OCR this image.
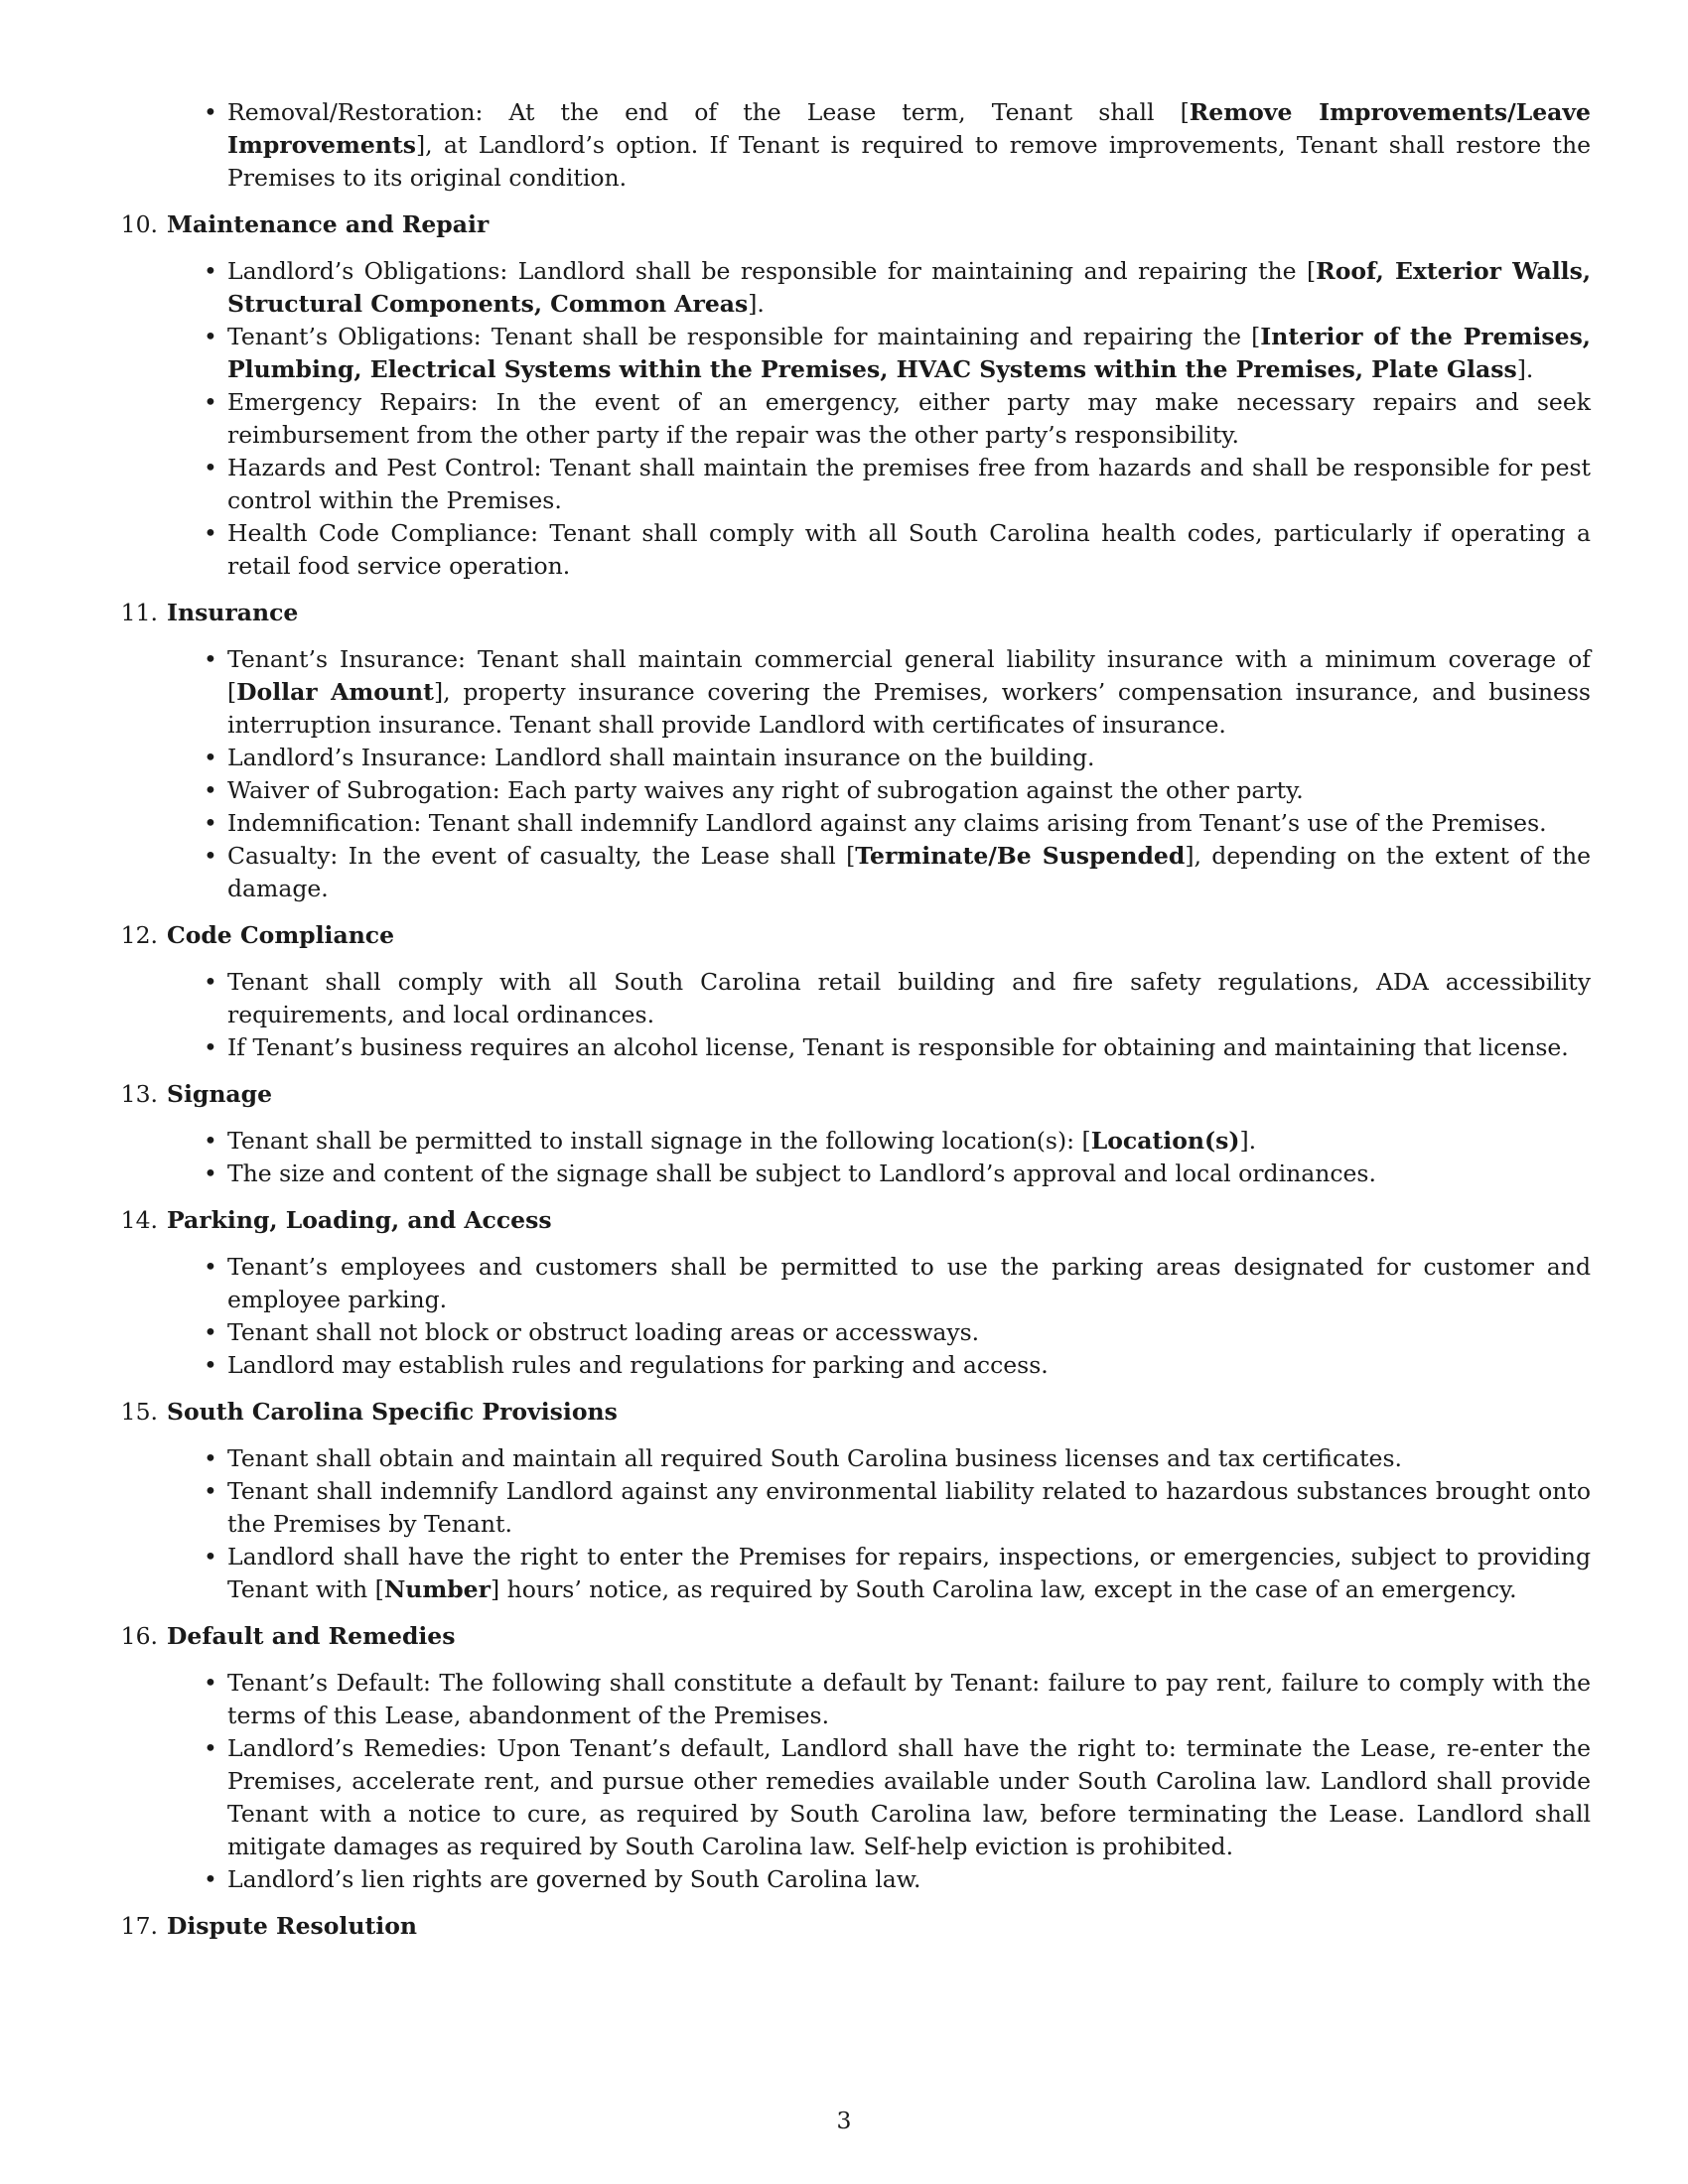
• Removal/Restoration: At the end of the Lease term, Tenant shall [Remove Improvements/Leave Improvements], at Landlord’s option. If Tenant is required to remove improvements, Tenant shall restore the Premises to its original condition.
10. Maintenance and Repair
• Landlord’s Obligations: Landlord shall be responsible for maintaining and repairing the [Roof, Exterior Walls, Structural Components, Common Areas].
• Tenant’s Obligations: Tenant shall be responsible for maintaining and repairing the [Interior of the Premises, Plumbing, Electrical Systems within the Premises, HVAC Systems within the Premises, Plate Glass].
• Emergency Repairs: In the event of an emergency, either party may make necessary repairs and seek reimbursement from the other party if the repair was the other party’s responsibility.
• Hazards and Pest Control: Tenant shall maintain the premises free from hazards and shall be responsible for pest control within the Premises.
• Health Code Compliance: Tenant shall comply with all South Carolina health codes, particularly if operating a retail food service operation.
11. Insurance
• Tenant’s Insurance: Tenant shall maintain commercial general liability insurance with a minimum coverage of [Dollar Amount], property insurance covering the Premises, workers’ compensation insurance, and business interruption insurance. Tenant shall provide Landlord with certificates of insurance.
• Landlord’s Insurance: Landlord shall maintain insurance on the building.
• Waiver of Subrogation: Each party waives any right of subrogation against the other party.
• Indemnification: Tenant shall indemnify Landlord against any claims arising from Tenant’s use of the Premises.
• Casualty: In the event of casualty, the Lease shall [Terminate/Be Suspended], depending on the extent of the damage.
12. Code Compliance
• Tenant shall comply with all South Carolina retail building and fire safety regulations, ADA accessibility requirements, and local ordinances.
• If Tenant’s business requires an alcohol license, Tenant is responsible for obtaining and maintaining that license.
13. Signage
• Tenant shall be permitted to install signage in the following location(s): [Location(s)].
• The size and content of the signage shall be subject to Landlord’s approval and local ordinances.
14. Parking, Loading, and Access
• Tenant’s employees and customers shall be permitted to use the parking areas designated for customer and employee parking.
• Tenant shall not block or obstruct loading areas or accessways.
• Landlord may establish rules and regulations for parking and access.
15. South Carolina Specific Provisions
• Tenant shall obtain and maintain all required South Carolina business licenses and tax certificates.
• Tenant shall indemnify Landlord against any environmental liability related to hazardous substances brought onto the Premises by Tenant.
• Landlord shall have the right to enter the Premises for repairs, inspections, or emergencies, subject to providing Tenant with [Number] hours’ notice, as required by South Carolina law, except in the case of an emergency.
16. Default and Remedies
• Tenant’s Default: The following shall constitute a default by Tenant: failure to pay rent, failure to comply with the terms of this Lease, abandonment of the Premises.
• Landlord’s Remedies: Upon Tenant’s default, Landlord shall have the right to: terminate the Lease, re-enter the Premises, accelerate rent, and pursue other remedies available under South Carolina law. Landlord shall provide Tenant with a notice to cure, as required by South Carolina law, before terminating the Lease. Landlord shall mitigate damages as required by South Carolina law. Self-help eviction is prohibited.
• Landlord’s lien rights are governed by South Carolina law.
17. Dispute Resolution
3
